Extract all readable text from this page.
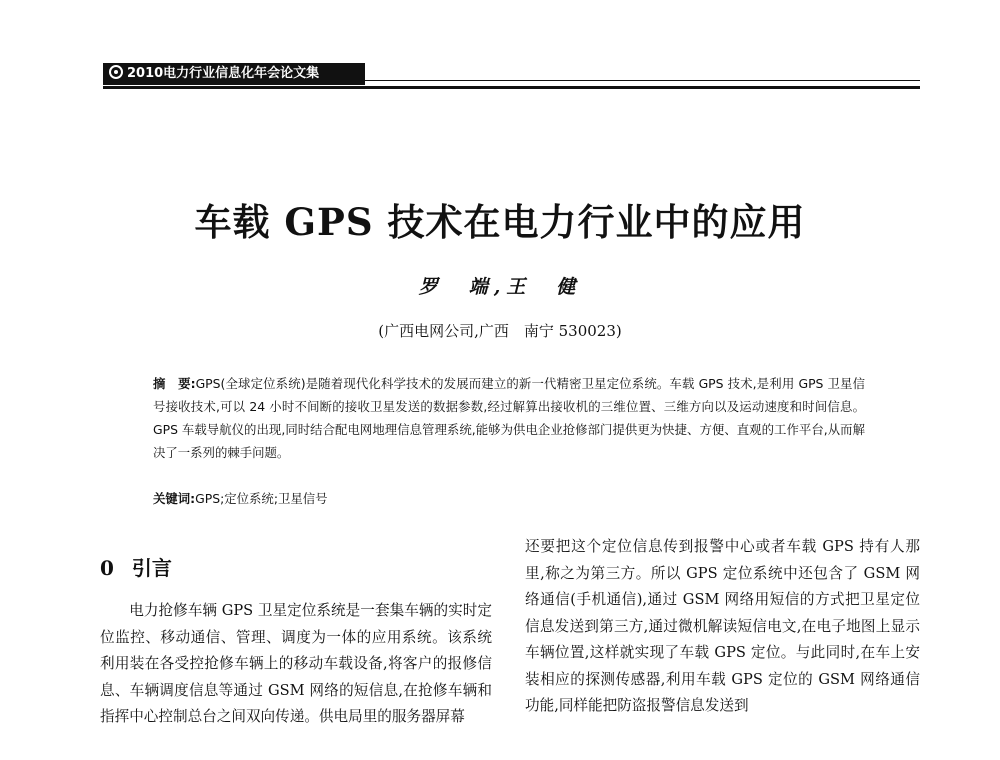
2010电力行业信息化年会论文集
车载 GPS 技术在电力行业中的应用
罗　端,王　健
(广西电网公司,广西　南宁 530023)
摘　要:GPS(全球定位系统)是随着现代化科学技术的发展而建立的新一代精密卫星定位系统。车载 GPS 技术,是利用 GPS 卫星信号接收技术,可以 24 小时不间断的接收卫星发送的数据参数,经过解算出接收机的三维位置、三维方向以及运动速度和时间信息。GPS 车载导航仪的出现,同时结合配电网地理信息管理系统,能够为供电企业抢修部门提供更为快捷、方便、直观的工作平台,从而解决了一系列的棘手问题。
关键词:GPS;定位系统;卫星信号
0 引言
电力抢修车辆 GPS 卫星定位系统是一套集车辆的实时定位监控、移动通信、管理、调度为一体的应用系统。该系统利用装在各受控抢修车辆上的移动车载设备,将客户的报修信息、车辆调度信息等通过 GSM 网络的短信息,在抢修车辆和指挥中心控制总台之间双向传递。供电局里的服务器屏幕
还要把这个定位信息传到报警中心或者车载 GPS 持有人那里,称之为第三方。所以 GPS 定位系统中还包含了 GSM 网络通信(手机通信),通过 GSM 网络用短信的方式把卫星定位信息发送到第三方,通过微机解读短信电文,在电子地图上显示车辆位置,这样就实现了车载 GPS 定位。与此同时,在车上安装相应的探测传感器,利用车载 GPS 定位的 GSM 网络通信功能,同样能把防盗报警信息发送到
